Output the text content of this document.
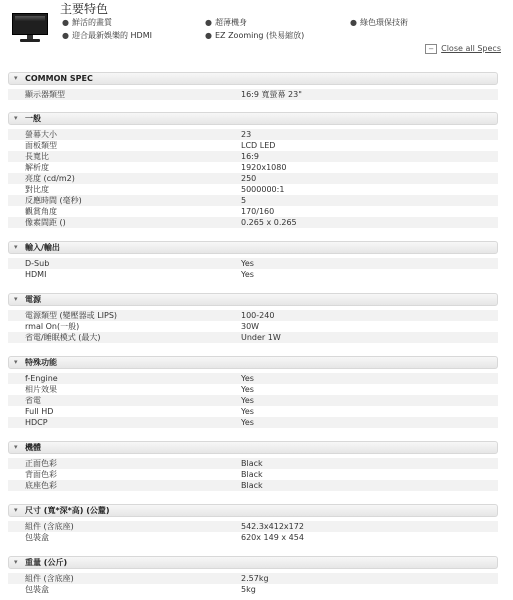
主要特色
● 鮮活的畫質	● 超薄機身	● 綠色環保技術
● 迎合最新娛樂的 HDMI	● EZ Zooming (快易縮放)
− Close all Specs
▾ COMMON SPEC
顯示器類型	16:9 寬螢幕 23"
▾ 一般
螢幕大小	23
面板類型	LCD LED
長寬比	16:9
解析度	1920x1080
亮度 (cd/m2)	250
對比度	5000000:1
反應時間 (毫秒)	5
觀賞角度	170/160
像素間距 ()	0.265 x 0.265
▾ 輸入/輸出
D-Sub	Yes
HDMI	Yes
▾ 電源
電源類型 (變壓器或 LIPS)	100-240
rmal On(一般)	30W
省電/睡眠模式 (最大)	Under 1W
▾ 特殊功能
f-Engine	Yes
相片效果	Yes
省電	Yes
Full HD	Yes
HDCP	Yes
▾ 機體
正面色彩	Black
背面色彩	Black
底座色彩	Black
▾ 尺寸 (寬*深*高) (公釐)
組件 (含底座)	542.3x412x172
包裝盒	620x 149 x 454
▾ 重量 (公斤)
組件 (含底座)	2.57kg
包裝盒	5kg
